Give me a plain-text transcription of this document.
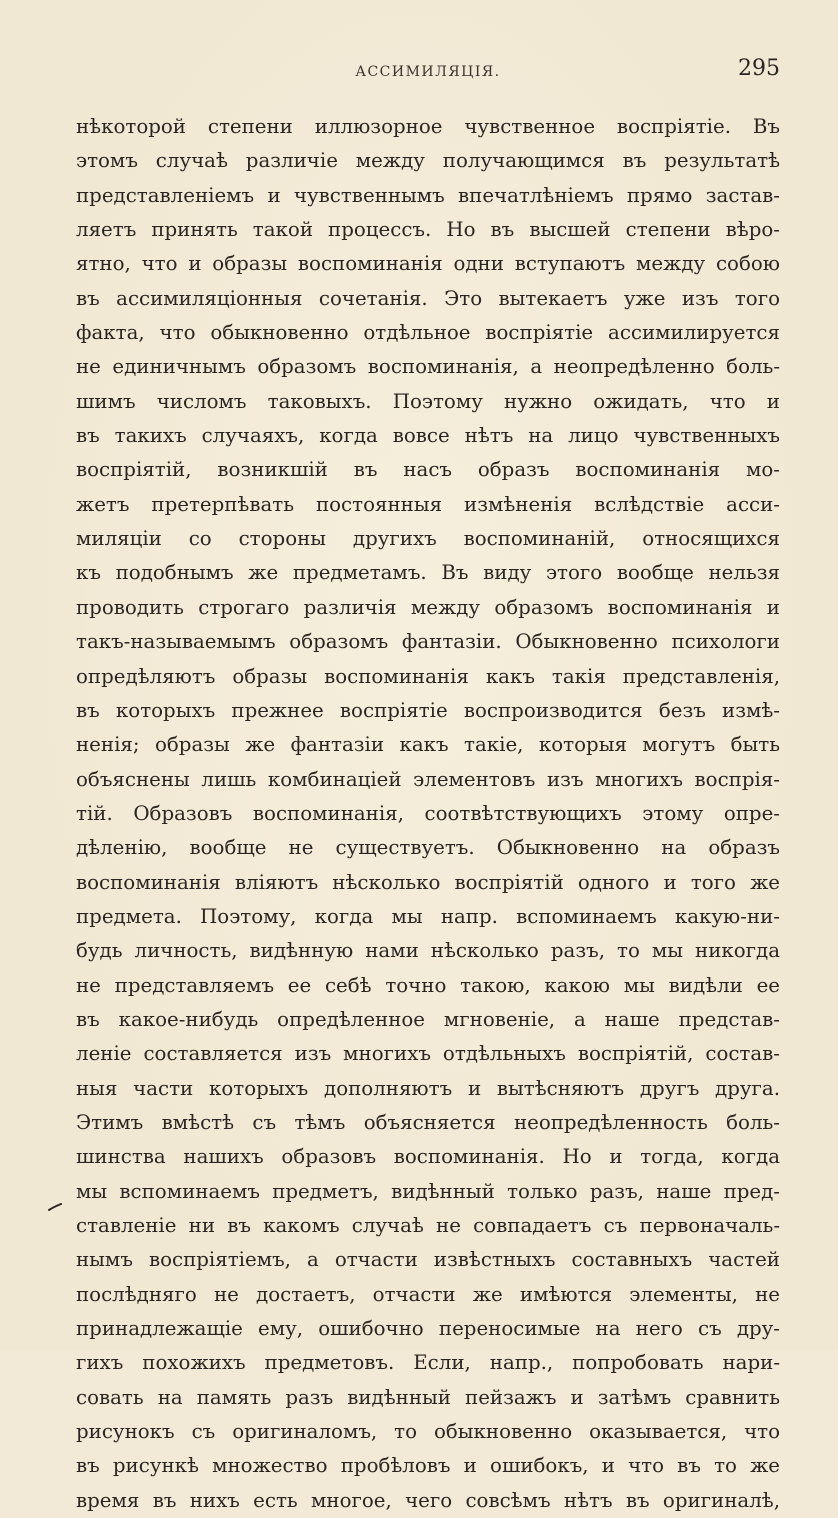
АССИМИЛЯЦIЯ.	295
нѣкоторой степени иллюзорное чувственное воспріятіе. Въ
этомъ случаѣ различіе между получающимся въ результатѣ
представленіемъ и чувственнымъ впечатлѣніемъ прямо застав-
ляетъ принять такой процессъ. Но въ высшей степени вѣро-
ятно, что и образы воспоминанія одни вступаютъ между собою
въ ассимиляціонныя сочетанія. Это вытекаетъ уже изъ того
факта, что обыкновенно отдѣльное воспріятіе ассимилируется
не единичнымъ образомъ воспоминанія, а неопредѣленно боль-
шимъ числомъ таковыхъ. Поэтому нужно ожидать, что и
въ такихъ случаяхъ, когда вовсе нѣтъ на лицо чувственныхъ
воспріятій, возникшій въ насъ образъ воспоминанія мо-
жетъ претерпѣвать постоянныя измѣненія вслѣдствіе асси-
миляціи со стороны другихъ воспоминаній, относящихся
къ подобнымъ же предметамъ. Въ виду этого вообще нельзя
проводить строгаго различія между образомъ воспоминанія и
такъ-называемымъ образомъ фантазіи. Обыкновенно психологи
опредѣляютъ образы воспоминанія какъ такія представленія,
въ которыхъ прежнее воспріятіе воспроизводится безъ измѣ-
ненія; образы же фантазіи какъ такіе, которыя могутъ быть
объяснены лишь комбинаціей элементовъ изъ многихъ воспрія-
тій. Образовъ воспоминанія, соотвѣтствующихъ этому опре-
дѣленію, вообще не существуетъ. Обыкновенно на образъ
воспоминанія вліяютъ нѣсколько воспріятій одного и того же
предмета. Поэтому, когда мы напр. вспоминаемъ какую-ни-
будь личность, видѣнную нами нѣсколько разъ, то мы никогда
не представляемъ ее себѣ точно такою, какою мы видѣли ее
въ какое-нибудь опредѣленное мгновеніе, а наше представ-
леніе составляется изъ многихъ отдѣльныхъ воспріятій, состав-
ныя части которыхъ дополняютъ и вытѣсняютъ другъ друга.
Этимъ вмѣстѣ съ тѣмъ объясняется неопредѣленность боль-
шинства нашихъ образовъ воспоминанія. Но и тогда, когда
мы вспоминаемъ предметъ, видѣнный только разъ, наше пред-
ставленіе ни въ какомъ случаѣ не совпадаетъ съ первоначаль-
нымъ воспріятіемъ, а отчасти извѣстныхъ составныхъ частей
послѣдняго не достаетъ, отчасти же имѣются элементы, не
принадлежащіе ему, ошибочно переносимые на него съ дру-
гихъ похожихъ предметовъ. Если, напр., попробовать нари-
совать на память разъ видѣнный пейзажъ и затѣмъ сравнить
рисунокъ съ оригиналомъ, то обыкновенно оказывается, что
въ рисункѣ множество пробѣловъ и ошибокъ, и что въ то же
время въ нихъ есть многое, чего совсѣмъ нѣтъ въ оригиналѣ,
